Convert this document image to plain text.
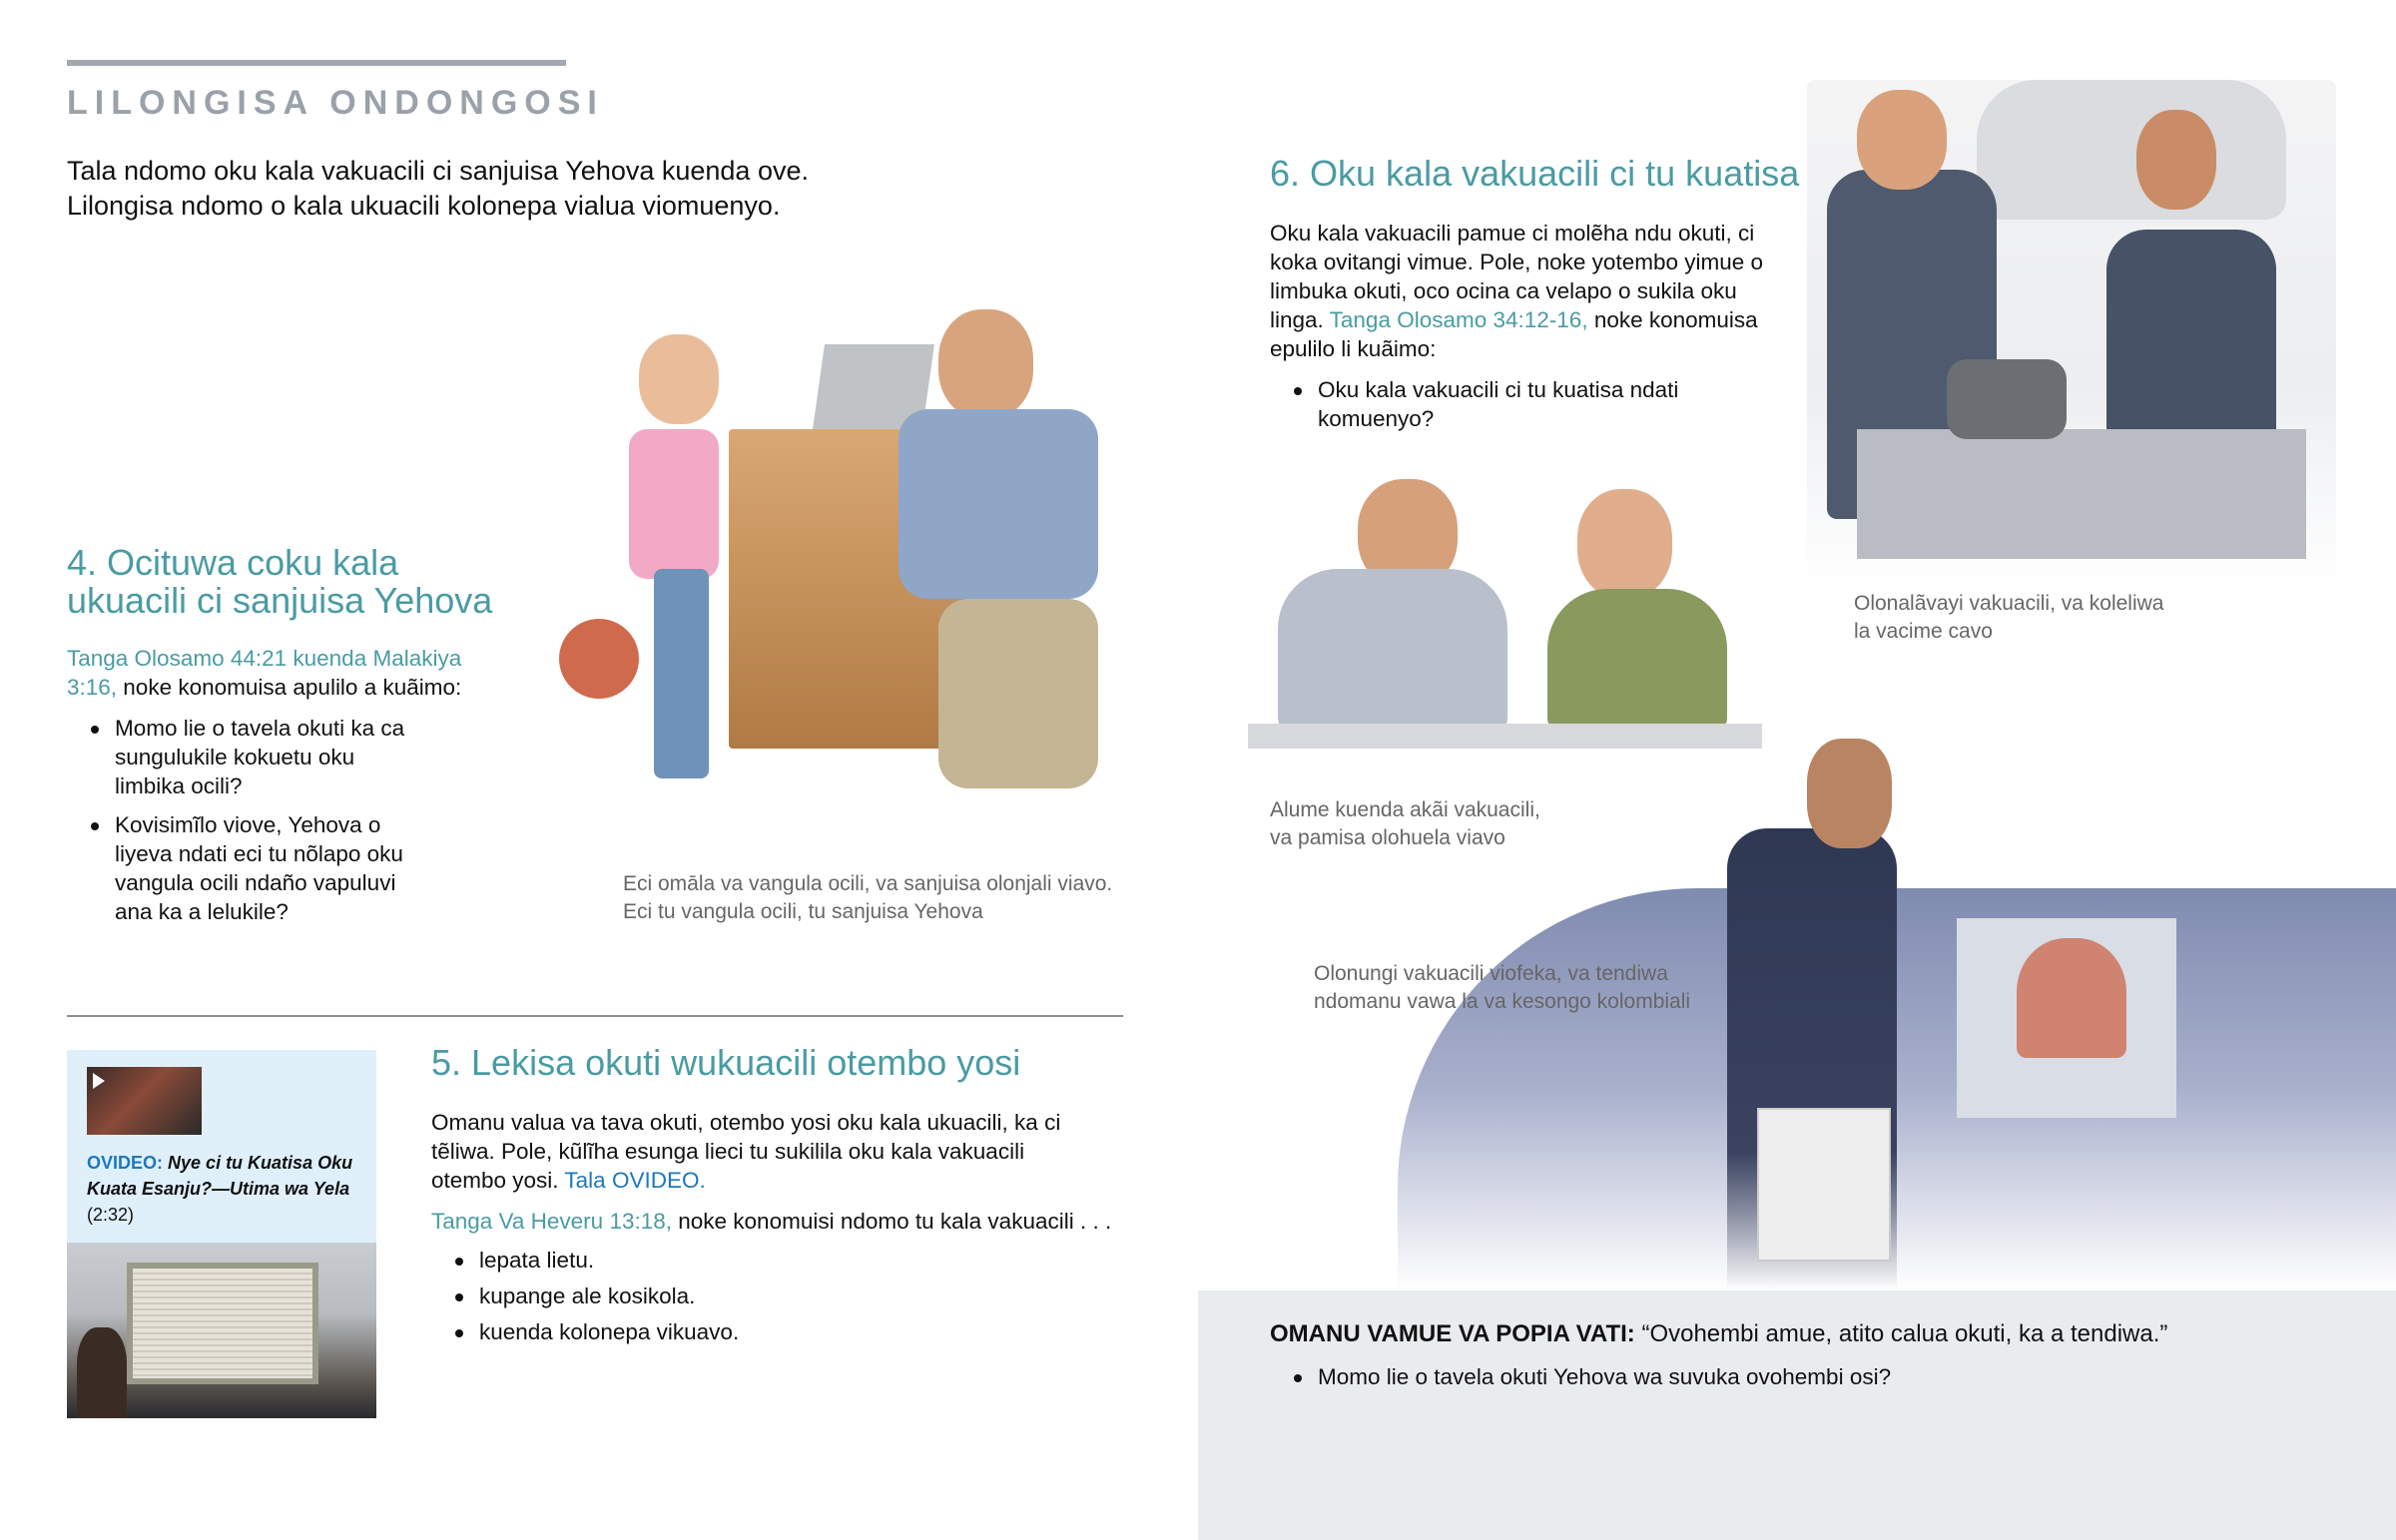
LILONGISA ONDONGOSI
Tala ndomo oku kala vakuacili ci sanjuisa Yehova kuenda ove.
Lilongisa ndomo o kala ukuacili kolonepa vialua viomuenyo.
4. Ocituwa coku kala
ukuacili ci sanjuisa Yehova
Tanga Olosamo 44:21 kuenda Malakiya 3:16, noke konomuisa apulilo a kuãimo:
Momo lie o tavela okuti ka ca sungulukile kokuetu oku limbika ocili?
Kovisimĩlo viove, Yehova o liyeva ndati eci tu nõlapo oku vangula ocili ndaño vapuluvi ana ka a lelukile?
Eci omāla va vangula ocili, va sanjuisa olonjali viavo.
Eci tu vangula ocili, tu sanjuisa Yehova
OVIDEO: Nye ci tu Kuatisa Oku Kuata Esanju?—Utima wa Yela
(2:32)
5. Lekisa okuti wukuacili otembo yosi
Omanu valua va tava okuti, otembo yosi oku kala ukuacili, ka ci tẽliwa. Pole, kũlĩha esunga lieci tu sukilila oku kala vakuacili otembo yosi. Tala OVIDEO.
Tanga Va Heveru 13:18, noke konomuisi ndomo tu kala vakuacili . . .
lepata lietu.
kupange ale kosikola.
kuenda kolonepa vikuavo.
6. Oku kala vakuacili ci tu kuatisa
Oku kala vakuacili pamue ci molẽha ndu okuti, ci koka ovitangi vimue. Pole, noke yotembo yimue o limbuka okuti, oco ocina ca velapo o sukila oku linga. Tanga Olosamo 34:12-16, noke konomuisa epulilo li kuãimo:
Oku kala vakuacili ci tu kuatisa ndati komuenyo?
Olonalãvayi vakuacili, va koleliwa
la vacime cavo
Alume kuenda akãi vakuacili,
va pamisa olohuela viavo
Olonungi vakuacili viofeka, va tendiwa
ndomanu vawa la va kesongo kolombiali
OMANU VAMUE VA POPIA VATI: “Ovohembi amue, atito calua okuti, ka a tendiwa.”
Momo lie o tavela okuti Yehova wa suvuka ovohembi osi?
